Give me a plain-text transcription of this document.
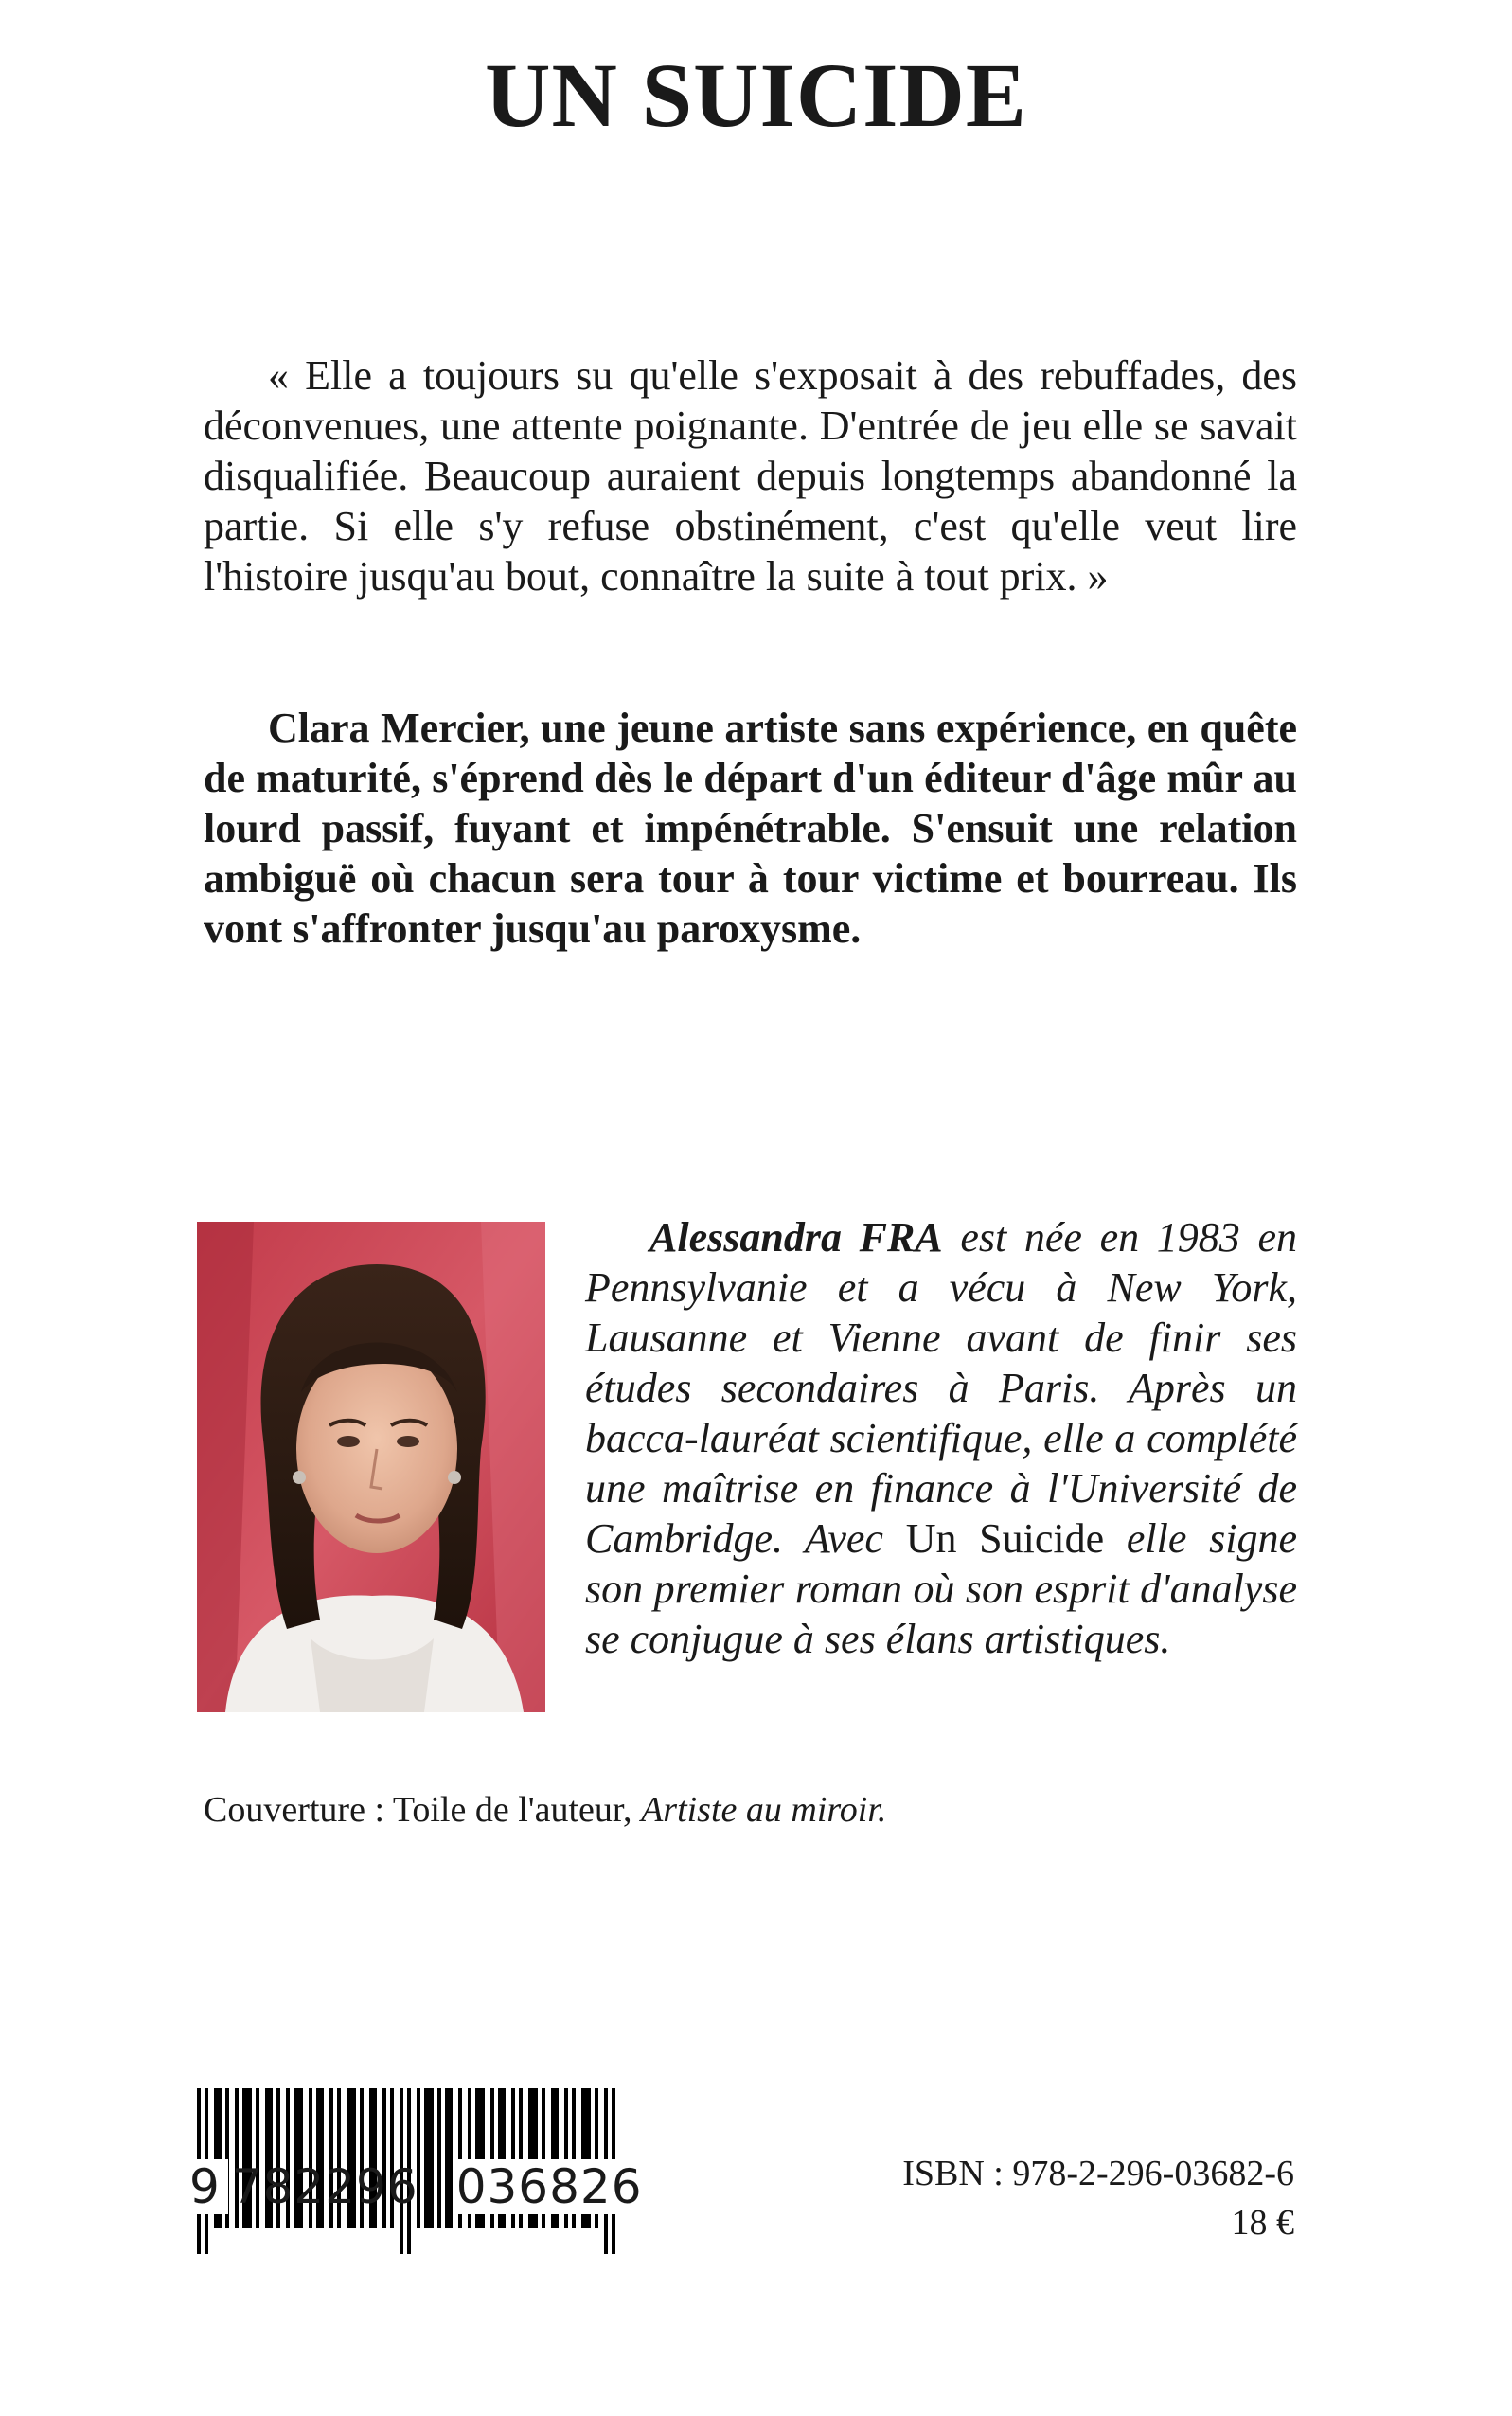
UN SUICIDE

« Elle a toujours su qu'elle s'exposait à des rebuffades, des déconvenues, une attente poignante. D'entrée de jeu elle se savait disqualifiée. Beaucoup auraient depuis longtemps abandonné la partie. Si elle s'y refuse obstinément, c'est qu'elle veut lire l'histoire jusqu'au bout, connaître la suite à tout prix. »

Clara Mercier, une jeune artiste sans expérience, en quête de maturité, s'éprend dès le départ d'un éditeur d'âge mûr au lourd passif, fuyant et impénétrable. S'ensuit une relation ambiguë où chacun sera tour à tour victime et bourreau. Ils vont s'affronter jusqu'au paroxysme.

Alessandra FRA est née en 1983 en Pennsylvanie et a vécu à New York, Lausanne et Vienne avant de finir ses études secondaires à Paris. Après un bacca-lauréat scientifique, elle a complété une maîtrise en finance à l'Université de Cambridge. Avec Un Suicide elle signe son premier roman où son esprit d'analyse se conjugue à ses élans artistiques.

Couverture : Toile de l'auteur, Artiste au miroir.

9 782296 036826	ISBN : 978-2-296-03682-6

18 €
